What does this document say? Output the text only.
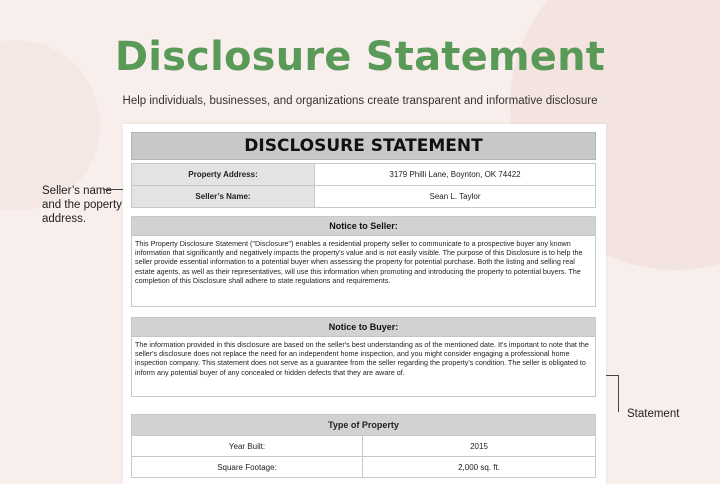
Disclosure Statement
Help individuals, businesses, and organizations create transparent and informative disclosure
Seller’s name and the poperty address.
Statement
DISCLOSURE STATEMENT
Property Address:	3179 Philli Lane, Boynton, OK 74422
Seller’s Name:	Sean L. Taylor
Notice to Seller:
This Property Disclosure Statement ("Disclosure") enables a residential property seller to communicate to a prospective buyer any known information that significantly and negatively impacts the property's value and is not easily visible. The purpose of this Disclosure is to help the seller provide essential information to a potential buyer when assessing the property for potential purchase. Both the listing and selling real estate agents, as well as their representatives, will use this information when promoting and introducing the property to potential buyers. The completion of this Disclosure shall adhere to state regulations and requirements.
Notice to Buyer:
The information provided in this disclosure are based on the seller's best understanding as of the mentioned date. It's important to note that the seller's disclosure does not replace the need for an independent home inspection, and you might consider engaging a professional home inspection company. This statement does not serve as a guarantee from the seller regarding the property's condition. The seller is obligated to inform any potential buyer of any concealed or hidden defects that they are aware of.
Type of Property	
Year Built:	2015
Square Footage:	2,000 sq. ft.
